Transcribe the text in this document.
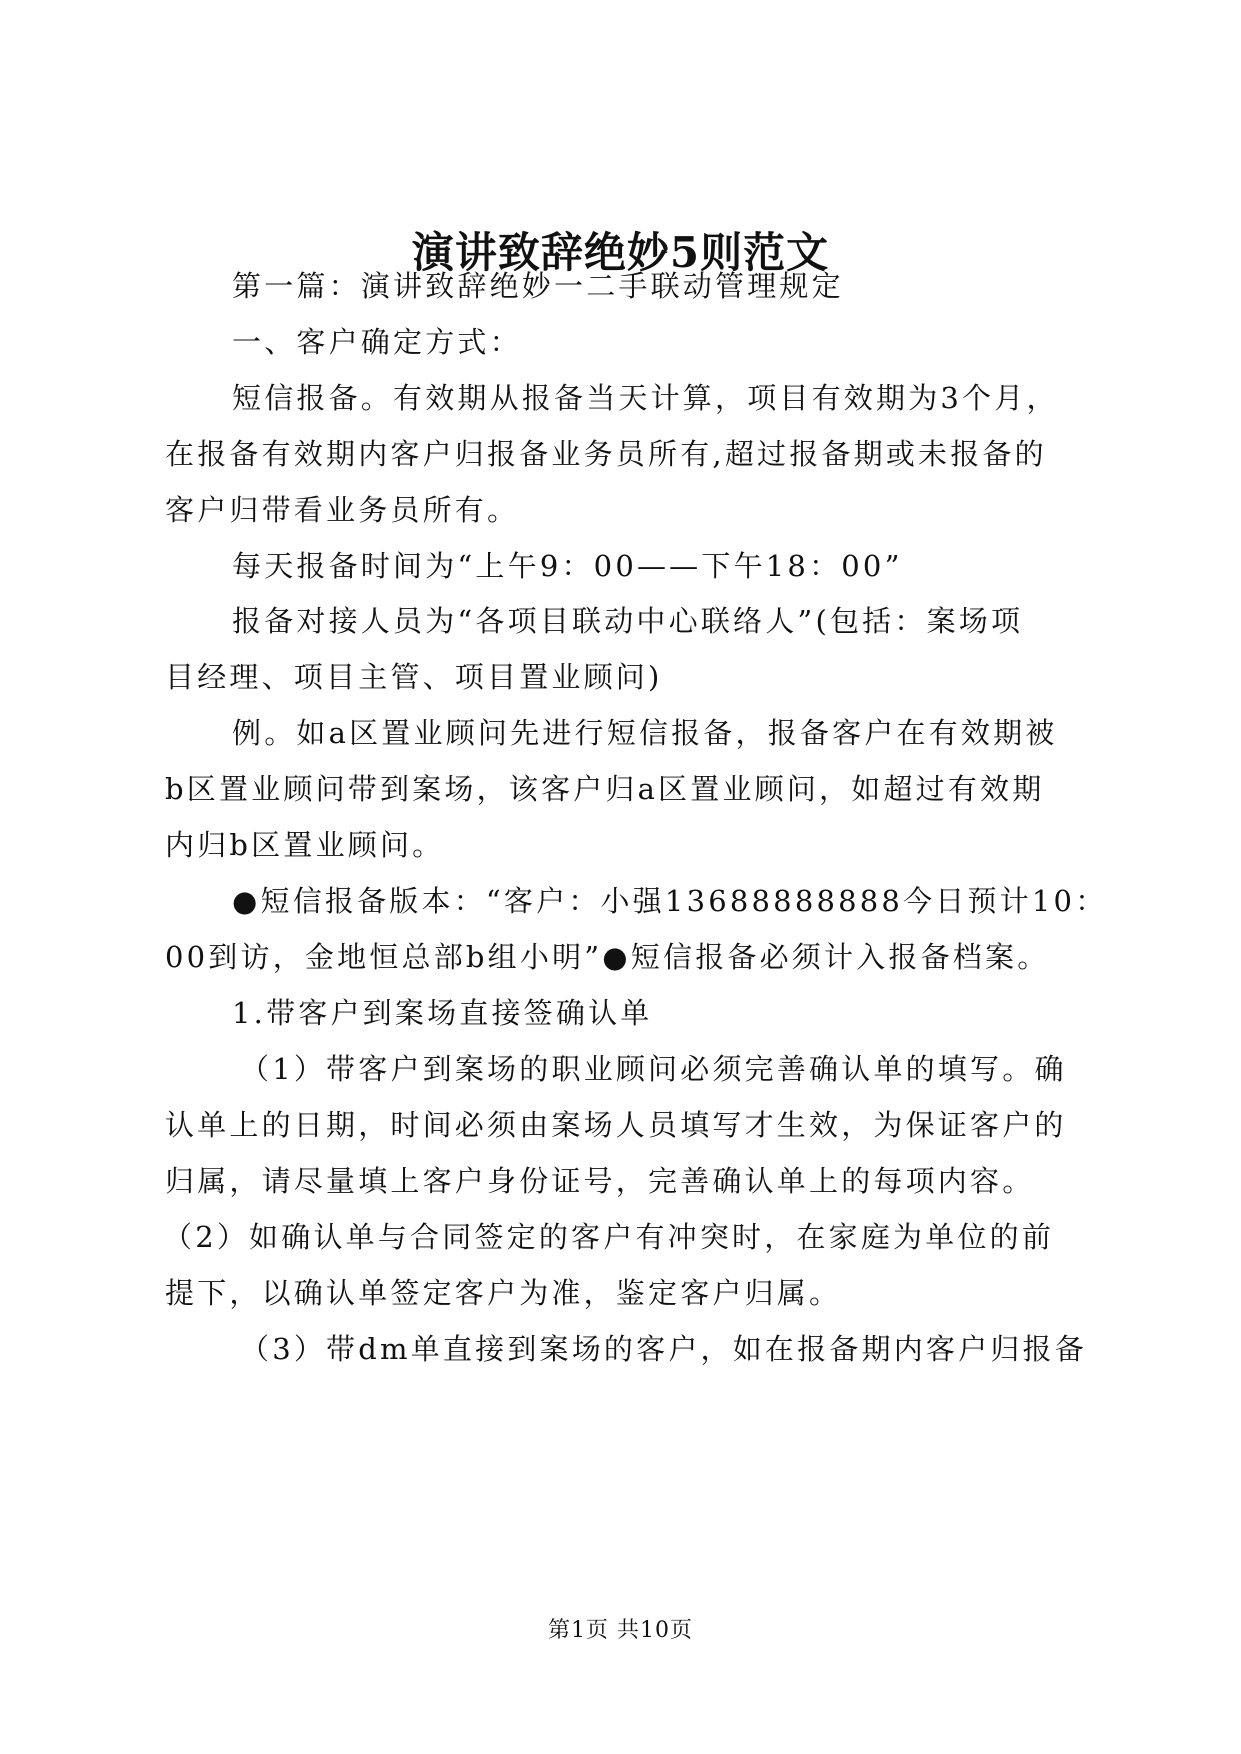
演讲致辞绝妙5则范文
第一篇：演讲致辞绝妙一二手联动管理规定
一、客户确定方式：
短信报备。有效期从报备当天计算，项目有效期为3个月，
在报备有效期内客户归报备业务员所有,超过报备期或未报备的
客户归带看业务员所有。
每天报备时间为“上午9：00——下午18：00”
报备对接人员为“各项目联动中心联络人”(包括：案场项
目经理、项目主管、项目置业顾问)
例。如a区置业顾问先进行短信报备，报备客户在有效期被
b区置业顾问带到案场，该客户归a区置业顾问，如超过有效期
内归b区置业顾问。
●短信报备版本：“客户：小强13688888888今日预计10：
00到访，金地恒总部b组小明”●短信报备必须计入报备档案。
1.带客户到案场直接签确认单
（1）带客户到案场的职业顾问必须完善确认单的填写。确
认单上的日期，时间必须由案场人员填写才生效，为保证客户的
归属，请尽量填上客户身份证号，完善确认单上的每项内容。
（2）如确认单与合同签定的客户有冲突时，在家庭为单位的前
提下，以确认单签定客户为准，鉴定客户归属。
（3）带dm单直接到案场的客户，如在报备期内客户归报备
第1页 共10页
